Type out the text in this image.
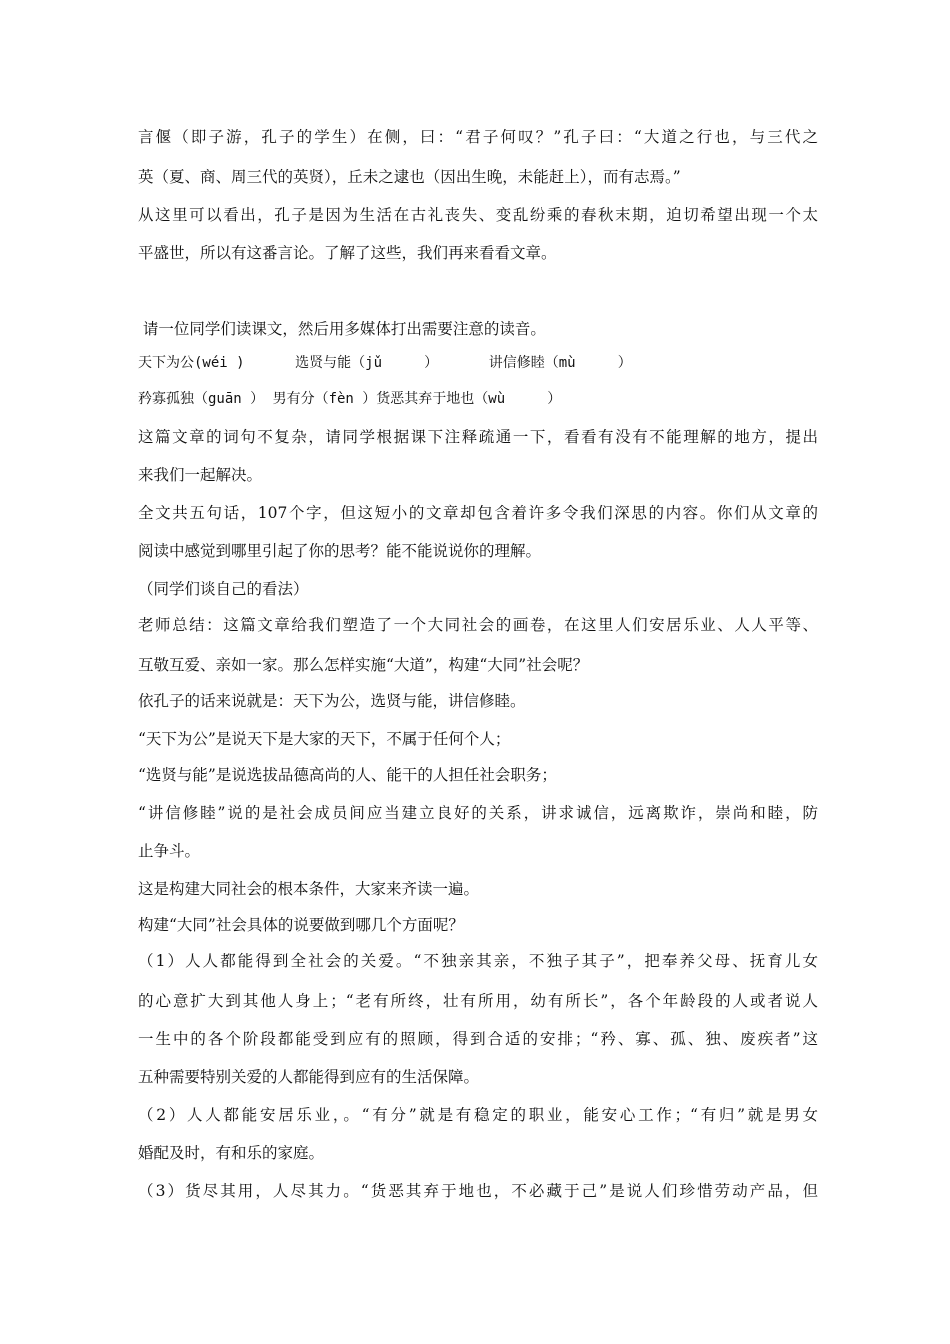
言偃（即子游，孔子的学生）在侧，曰：“君子何叹？”孔子曰：“大道之行也，与三代之
英（夏、商、周三代的英贤），丘未之逮也（因出生晚，未能赶上），而有志焉。”
从这里可以看出，孔子是因为生活在古礼丧失、变乱纷乘的春秋末期，迫切希望出现一个太
平盛世，所以有这番言论。了解了这些，我们再来看看文章。
请一位同学们读课文，然后用多媒体打出需要注意的读音。
天下为公(wéi )      选贤与能（jǔ     ）      讲信修睦（mù     ）
矜寡孤独（guān ） 男有分（fèn ）货恶其弃于地也（wù     ）
这篇文章的词句不复杂，请同学根据课下注释疏通一下，看看有没有不能理解的地方，提出
来我们一起解决。
全文共五句话，107个字，但这短小的文章却包含着许多令我们深思的内容。你们从文章的
阅读中感觉到哪里引起了你的思考？能不能说说你的理解。
（同学们谈自己的看法）
老师总结：这篇文章给我们塑造了一个大同社会的画卷，在这里人们安居乐业、人人平等、
互敬互爱、亲如一家。那么怎样实施“大道”，构建“大同”社会呢？
依孔子的话来说就是：天下为公，选贤与能，讲信修睦。
“天下为公”是说天下是大家的天下，不属于任何个人；
“选贤与能”是说选拔品德高尚的人、能干的人担任社会职务；
“讲信修睦”说的是社会成员间应当建立良好的关系，讲求诚信，远离欺诈，崇尚和睦，防
止争斗。
这是构建大同社会的根本条件，大家来齐读一遍。
构建“大同”社会具体的说要做到哪几个方面呢？
（1）人人都能得到全社会的关爱。“不独亲其亲，不独子其子”，把奉养父母、抚育儿女
的心意扩大到其他人身上；“老有所终，壮有所用，幼有所长”，各个年龄段的人或者说人
一生中的各个阶段都能受到应有的照顾，得到合适的安排；“矜、寡、孤、独、废疾者”这
五种需要特别关爱的人都能得到应有的生活保障。
（2）人人都能安居乐业，。“有分”就是有稳定的职业，能安心工作；“有归”就是男女
婚配及时，有和乐的家庭。
（3）货尽其用，人尽其力。“货恶其弃于地也，不必藏于己”是说人们珍惜劳动产品，但
